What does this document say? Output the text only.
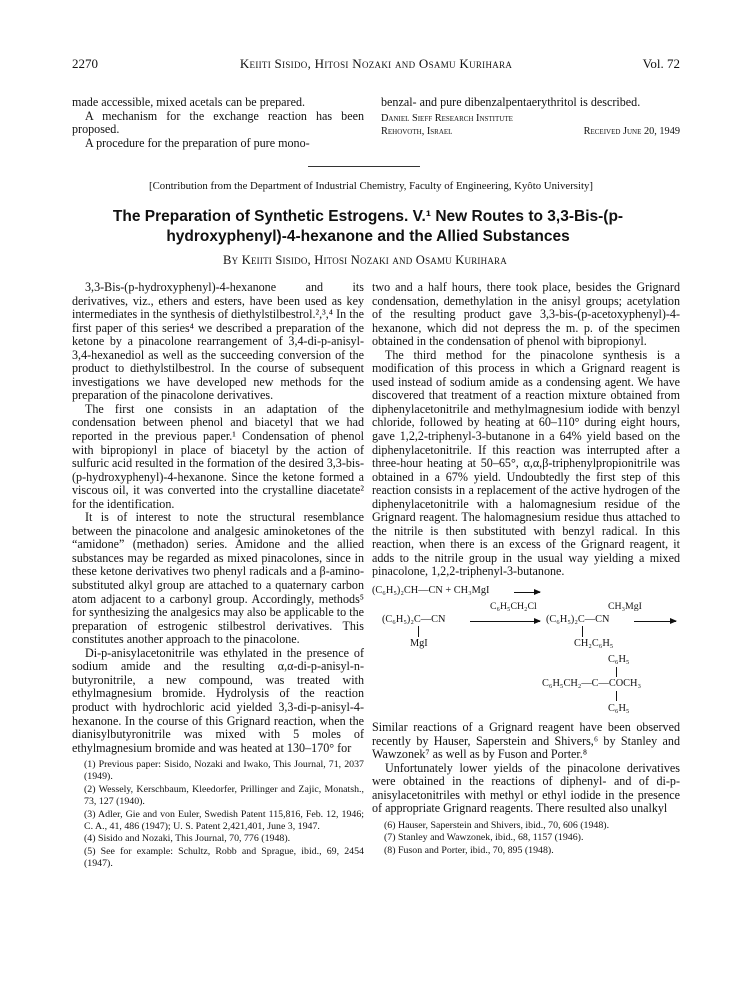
2270	Keiiti Sisido, Hitosi Nozaki and Osamu Kurihara	Vol. 72

made accessible, mixed acetals can be prepared.

A mechanism for the exchange reaction has been proposed.

A procedure for the preparation of pure mono-

benzal- and pure dibenzalpentaerythritol is described.

Daniel Sieff Research Institute
Rehovoth, Israel	Received June 20, 1949
[Contribution from the Department of Industrial Chemistry, Faculty of Engineering, Kyôto University]
The Preparation of Synthetic Estrogens. V.¹ New Routes to 3,3-Bis-(p-
hydroxyphenyl)-4-hexanone and the Allied Substances
By Keiiti Sisido, Hitosi Nozaki and Osamu Kurihara

3,3-Bis-(p-hydroxyphenyl)-4-hexanone and its derivatives, viz., ethers and esters, have been used as key intermediates in the synthesis of diethylstilbestrol.²,³,⁴ In the first paper of this series⁴ we described a preparation of the ketone by a pinacolone rearrangement of 3,4-di-p-anisyl-3,4-hexanediol as well as the succeeding conversion of the product to diethylstilbestrol. In the course of subsequent investigations we have developed new methods for the preparation of the pinacolone derivatives.

The first one consists in an adaptation of the condensation between phenol and biacetyl that we had reported in the previous paper.¹ Condensation of phenol with bipropionyl in place of biacetyl by the action of sulfuric acid resulted in the formation of the desired 3,3-bis-(p-hydroxyphenyl)-4-hexanone. Since the ketone formed a viscous oil, it was converted into the crystalline diacetate² for the identification.

It is of interest to note the structural resemblance between the pinacolone and analgesic aminoketones of the “amidone” (methadon) series. Amidone and the allied substances may be regarded as mixed pinacolones, since in these ketone derivatives two phenyl radicals and a β-amino-substituted alkyl group are attached to a quaternary carbon atom adjacent to a carbonyl group. Accordingly, methods⁵ for synthesizing the analgesics may also be applicable to the preparation of estrogenic stilbestrol derivatives. This constitutes another approach to the pinacolone.

Di-p-anisylacetonitrile was ethylated in the presence of sodium amide and the resulting α,α-di-p-anisyl-n-butyronitrile, a new compound, was treated with ethylmagnesium bromide. Hydrolysis of the reaction product with hydrochloric acid yielded 3,3-di-p-anisyl-4-hexanone. In the course of this Grignard reaction, when the dianisylbutyronitrile was mixed with 5 moles of ethylmagnesium bromide and was heated at 130–170° for

(1) Previous paper: Sisido, Nozaki and Iwako, This Journal, 71, 2037 (1949).

(2) Wessely, Kerschbaum, Kleedorfer, Prillinger and Zajic, Monatsh., 73, 127 (1940).

(3) Adler, Gie and von Euler, Swedish Patent 115,816, Feb. 12, 1946; C. A., 41, 486 (1947); U. S. Patent 2,421,401, June 3, 1947.

(4) Sisido and Nozaki, This Journal, 70, 776 (1948).

(5) See for example: Schultz, Robb and Sprague, ibid., 69, 2454 (1947).

two and a half hours, there took place, besides the Grignard condensation, demethylation in the anisyl groups; acetylation of the resulting product gave 3,3-bis-(p-acetoxyphenyl)-4-hexanone, which did not depress the m. p. of the specimen obtained in the condensation of phenol with bipropionyl.

The third method for the pinacolone synthesis is a modification of this process in which a Grignard reagent is used instead of sodium amide as a condensing agent. We have discovered that treatment of a reaction mixture obtained from diphenylacetonitrile and methylmagnesium iodide with benzyl chloride, followed by heating at 60–110° during eight hours, gave 1,2,2-triphenyl-3-butanone in a 64% yield based on the diphenylacetonitrile. If this reaction was interrupted after a three-hour heating at 50–65°, α,α,β-triphenylpropionitrile was obtained in a 67% yield. Undoubtedly the first step of this reaction consists in a replacement of the active hydrogen of the diphenylacetonitrile with a halomagnesium residue of the Grignard reagent. The halomagnesium residue thus attached to the nitrile is then substituted with benzyl radical. In this reaction, when there is an excess of the Grignard reagent, it adds to the nitrile group in the usual way yielding a mixed pinacolone, 1,2,2-triphenyl-3-butanone.

(C₆H₅)₂CH—CN + CH₃MgI
C₆H₅CH₂Cl	CH₃MgI
(C₆H₅)₂C—CN	(C₆H₅)₂C—CN
MgI	CH₂C₆H₅
C₆H₅
C₆H₅CH₂—C—COCH₃
C₆H₅

Similar reactions of a Grignard reagent have been observed recently by Hauser, Saperstein and Shivers,⁶ by Stanley and Wawzonek⁷ as well as by Fuson and Porter.⁸

Unfortunately lower yields of the pinacolone derivatives were obtained in the reactions of diphenyl- and of di-p-anisylacetonitriles with methyl or ethyl iodide in the presence of appropriate Grignard reagents. There resulted also unalkyl

(6) Hauser, Saperstein and Shivers, ibid., 70, 606 (1948).

(7) Stanley and Wawzonek, ibid., 68, 1157 (1946).

(8) Fuson and Porter, ibid., 70, 895 (1948).
